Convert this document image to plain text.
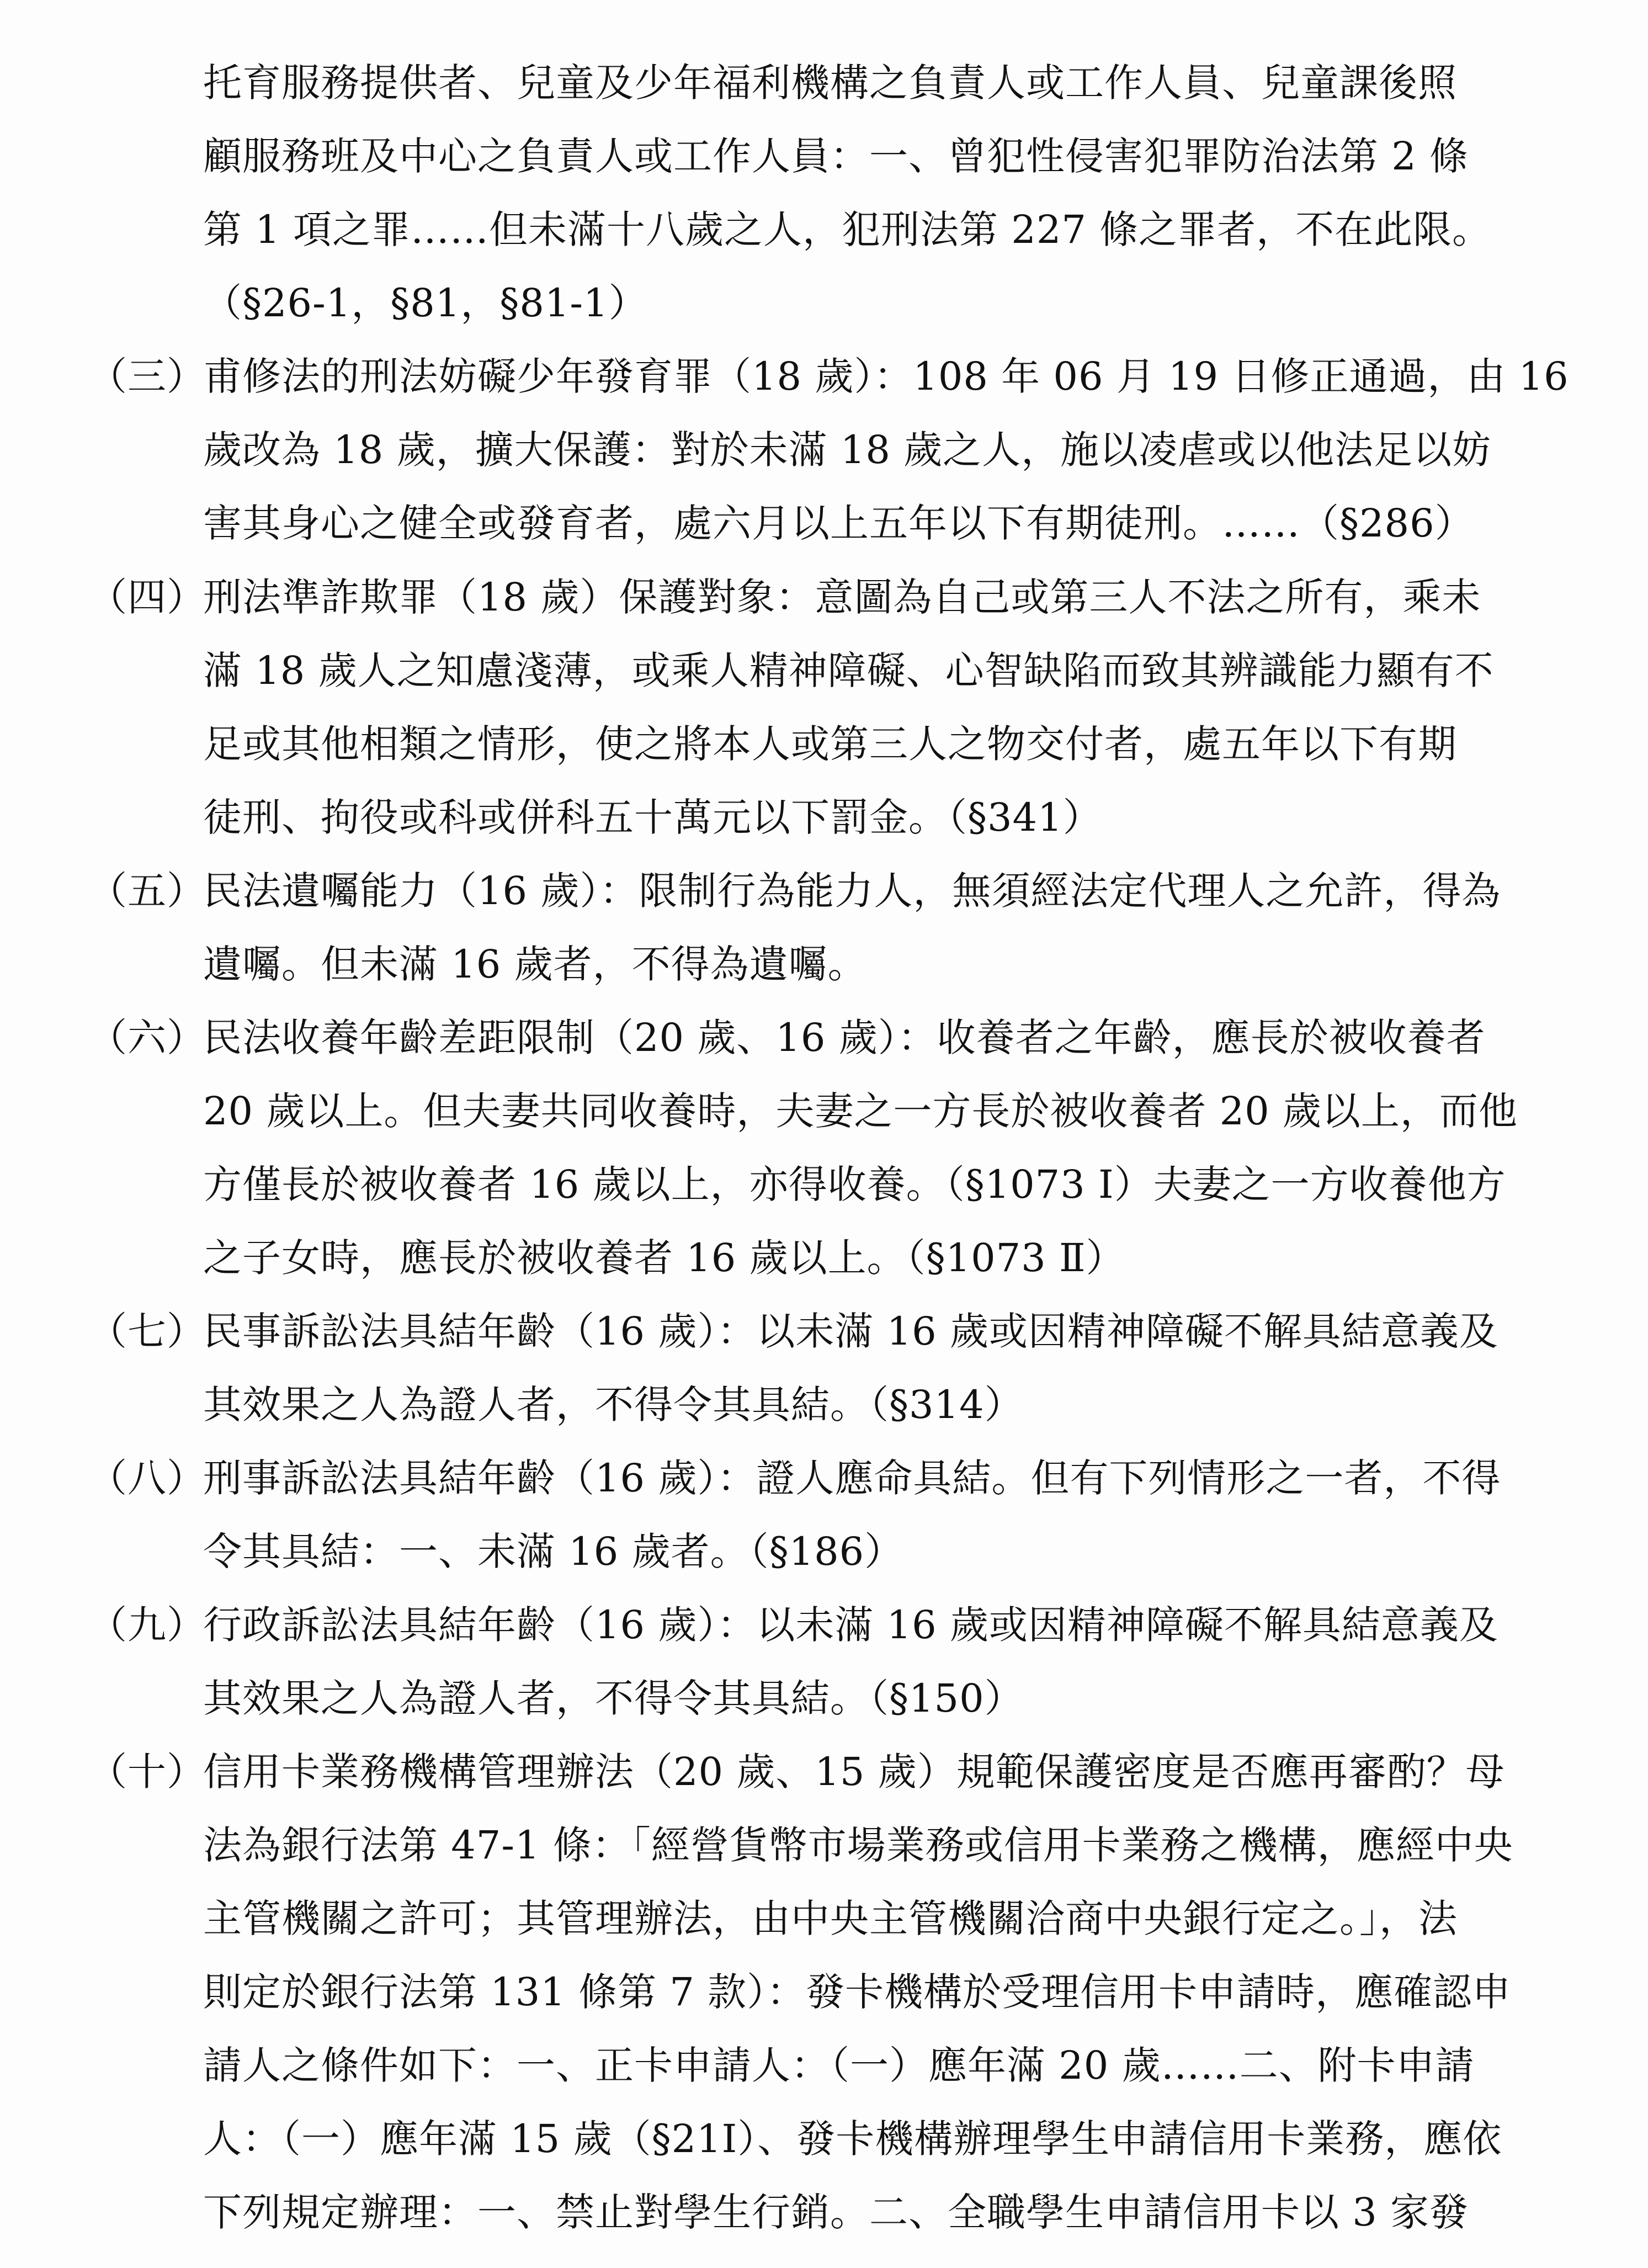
托育服務提供者、兒童及少年福利機構之負責人或工作人員、兒童課後照
顧服務班及中心之負責人或工作人員：一、曾犯性侵害犯罪防治法第 2 條
第 1 項之罪……但未滿十八歲之人，犯刑法第 227 條之罪者，不在此限。
（§26-1，§81，§81-1）
（三）甫修法的刑法妨礙少年發育罪（18 歲）：108 年 06 月 19 日修正通過，由 16
歲改為 18 歲，擴大保護：對於未滿 18 歲之人，施以凌虐或以他法足以妨
害其身心之健全或發育者，處六月以上五年以下有期徒刑。……（§286）
（四）刑法準詐欺罪（18 歲）保護對象：意圖為自己或第三人不法之所有，乘未
滿 18 歲人之知慮淺薄，或乘人精神障礙、心智缺陷而致其辨識能力顯有不
足或其他相類之情形，使之將本人或第三人之物交付者，處五年以下有期
徒刑、拘役或科或併科五十萬元以下罰金。（§341）
（五）民法遺囑能力（16 歲）：限制行為能力人，無須經法定代理人之允許，得為
遺囑。但未滿 16 歲者，不得為遺囑。
（六）民法收養年齡差距限制（20 歲、16 歲）：收養者之年齡，應長於被收養者
20 歲以上。但夫妻共同收養時，夫妻之一方長於被收養者 20 歲以上，而他
方僅長於被收養者 16 歲以上，亦得收養。（§1073 Ⅰ）夫妻之一方收養他方
之子女時，應長於被收養者 16 歲以上。（§1073 Ⅱ）
（七）民事訴訟法具結年齡（16 歲）：以未滿 16 歲或因精神障礙不解具結意義及
其效果之人為證人者，不得令其具結。（§314）
（八）刑事訴訟法具結年齡（16 歲）：證人應命具結。但有下列情形之一者，不得
令其具結：一、未滿 16 歲者。（§186）
（九）行政訴訟法具結年齡（16 歲）：以未滿 16 歲或因精神障礙不解具結意義及
其效果之人為證人者，不得令其具結。（§150）
（十）信用卡業務機構管理辦法（20 歲、15 歲）規範保護密度是否應再審酌？母
法為銀行法第 47-1 條：「經營貨幣市場業務或信用卡業務之機構，應經中央
主管機關之許可；其管理辦法，由中央主管機關洽商中央銀行定之。」，法
則定於銀行法第 131 條第 7 款）：發卡機構於受理信用卡申請時，應確認申
請人之條件如下：一、正卡申請人：（一）應年滿 20 歲……二、附卡申請
人：（一）應年滿 15 歲（§21Ⅰ）、發卡機構辦理學生申請信用卡業務，應依
下列規定辦理：一、禁止對學生行銷。二、全職學生申請信用卡以 3 家發
